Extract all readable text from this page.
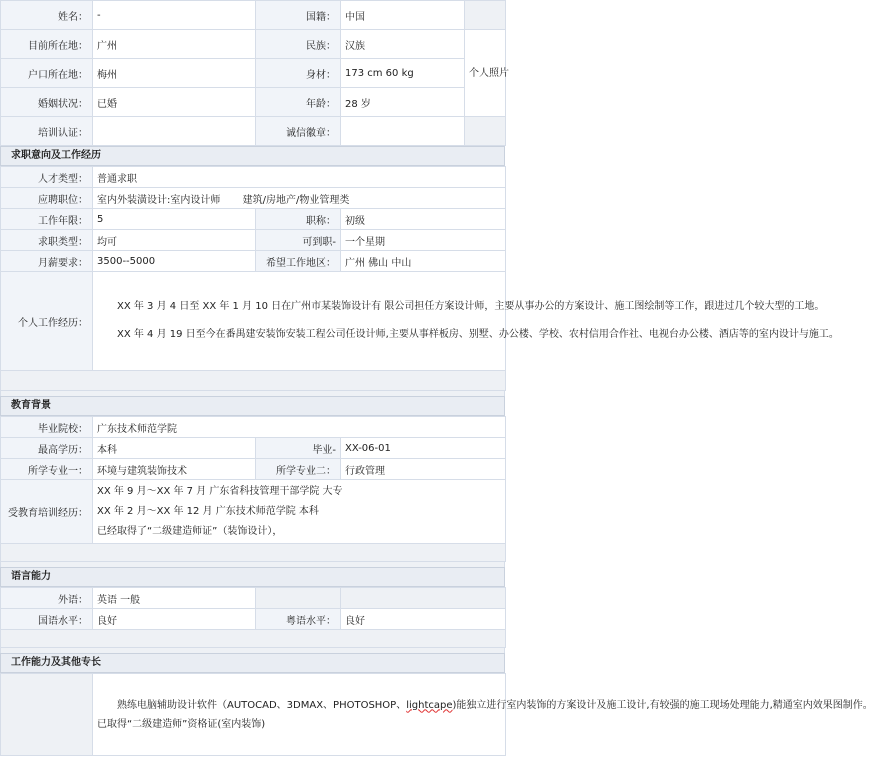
姓名：	-	国籍：	中国	
目前所在地：	广州	民族：	汉族	个人照片
户口所在地：	梅州	身材：	173 cm 60 kg	
婚姻状况：	已婚	年龄：	28 岁	
培训认证：		诚信徽章：		
求职意向及工作经历
人才类型：	普通求职		
应聘职位：	室内外装潢设计:室内设计师 建筑/房地产/物业管理类		
工作年限：	5	职称：	初级
求职类型：	均可	可到职-	一个星期
月薪要求：	3500--5000	希望工作地区：	广州 佛山 中山
个人工作经历：	XX 年 3 月 4 日至 XX 年 1 月 10 日在广州市某装饰设计有 限公司担任方案设计师，主要从事办公的方案设计、施工图绘制等工作，跟进过几个较大型的工地。

XX 年 4 月 19 日至今在番禺建安装饰安装工程公司任设计师,主要从事样板房、别墅、办公楼、学校、农村信用合作社、电视台办公楼、酒店等的室内设计与施工。		

教育背景
毕业院校：	广东技术师范学院		
最高学历：	本科	毕业-	XX-06-01
所学专业一：	环境与建筑装饰技术	所学专业二：	行政管理
受教育培训经历：	XX 年 9 月～XX 年 7 月 广东省科技管理干部学院 大专
XX 年 2 月～XX 年 12 月 广东技术师范学院 本科
已经取得了“二级建造师证”（装饰设计），		

语言能力
外语：	英语 一般		
国语水平：	良好	粤语水平：	良好

工作能力及其他专长

熟练电脑辅助设计软件（AUTOCAD、3DMAX、PHOTOSHOP、lightcape)能独立进行室内装饰的方案设计及施工设计,有较强的施工现场处理能力,精通室内效果图制作。

已取得“二级建造师”资格证(室内装饰)
